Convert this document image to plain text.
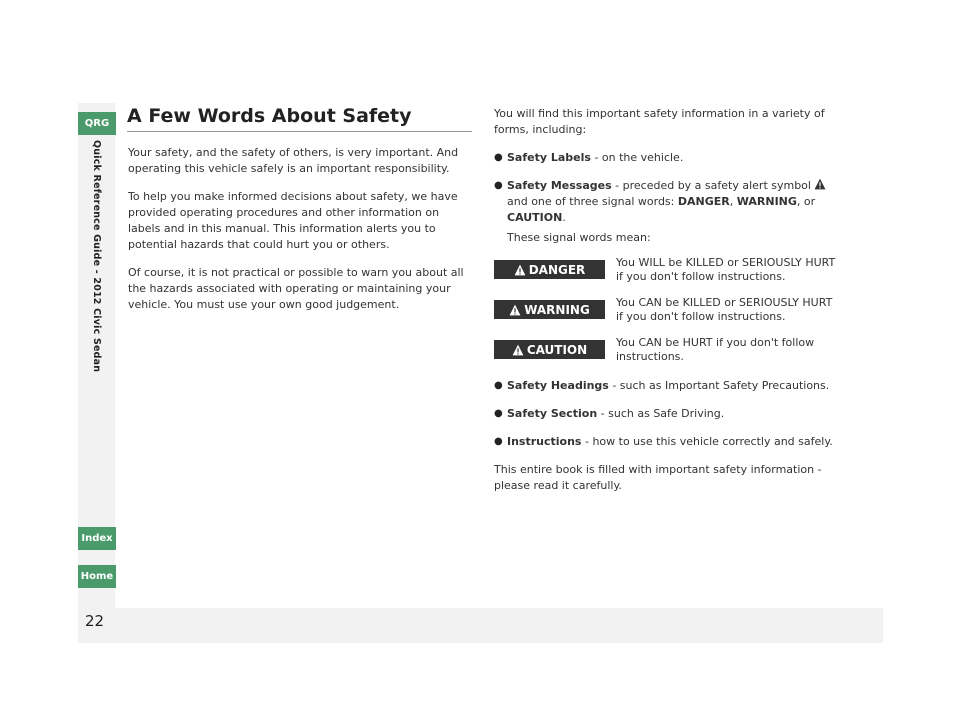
QRG
Index
Home
Quick Reference Guide - 2012 Civic Sedan
22
A Few Words About Safety

Your safety, and the safety of others, is very important. And operating this vehicle safely is an important responsibility.

To help you make informed decisions about safety, we have provided operating procedures and other information on labels and in this manual. This information alerts you to potential hazards that could hurt you or others.

Of course, it is not practical or possible to warn you about all the hazards associated with operating or maintaining your vehicle. You must use your own good judgement.

You will find this important safety information in a variety of forms, including:

● Safety Labels - on the vehicle.
● Safety Messages - preceded by a safety alert symbol  and one of three signal words: DANGER, WARNING, or CAUTION.

These signal words mean:

DANGER	You WILL be KILLED or SERIOUSLY HURT if you don't follow instructions.
WARNING You CAN be KILLED or SERIOUSLY HURT if you don't follow instructions.
CAUTION	You CAN be HURT if you don't follow instructions.
● Safety Headings - such as Important Safety Precautions.
● Safety Section - such as Safe Driving.
● Instructions - how to use this vehicle correctly and safely.

This entire book is filled with important safety information - please read it carefully.
